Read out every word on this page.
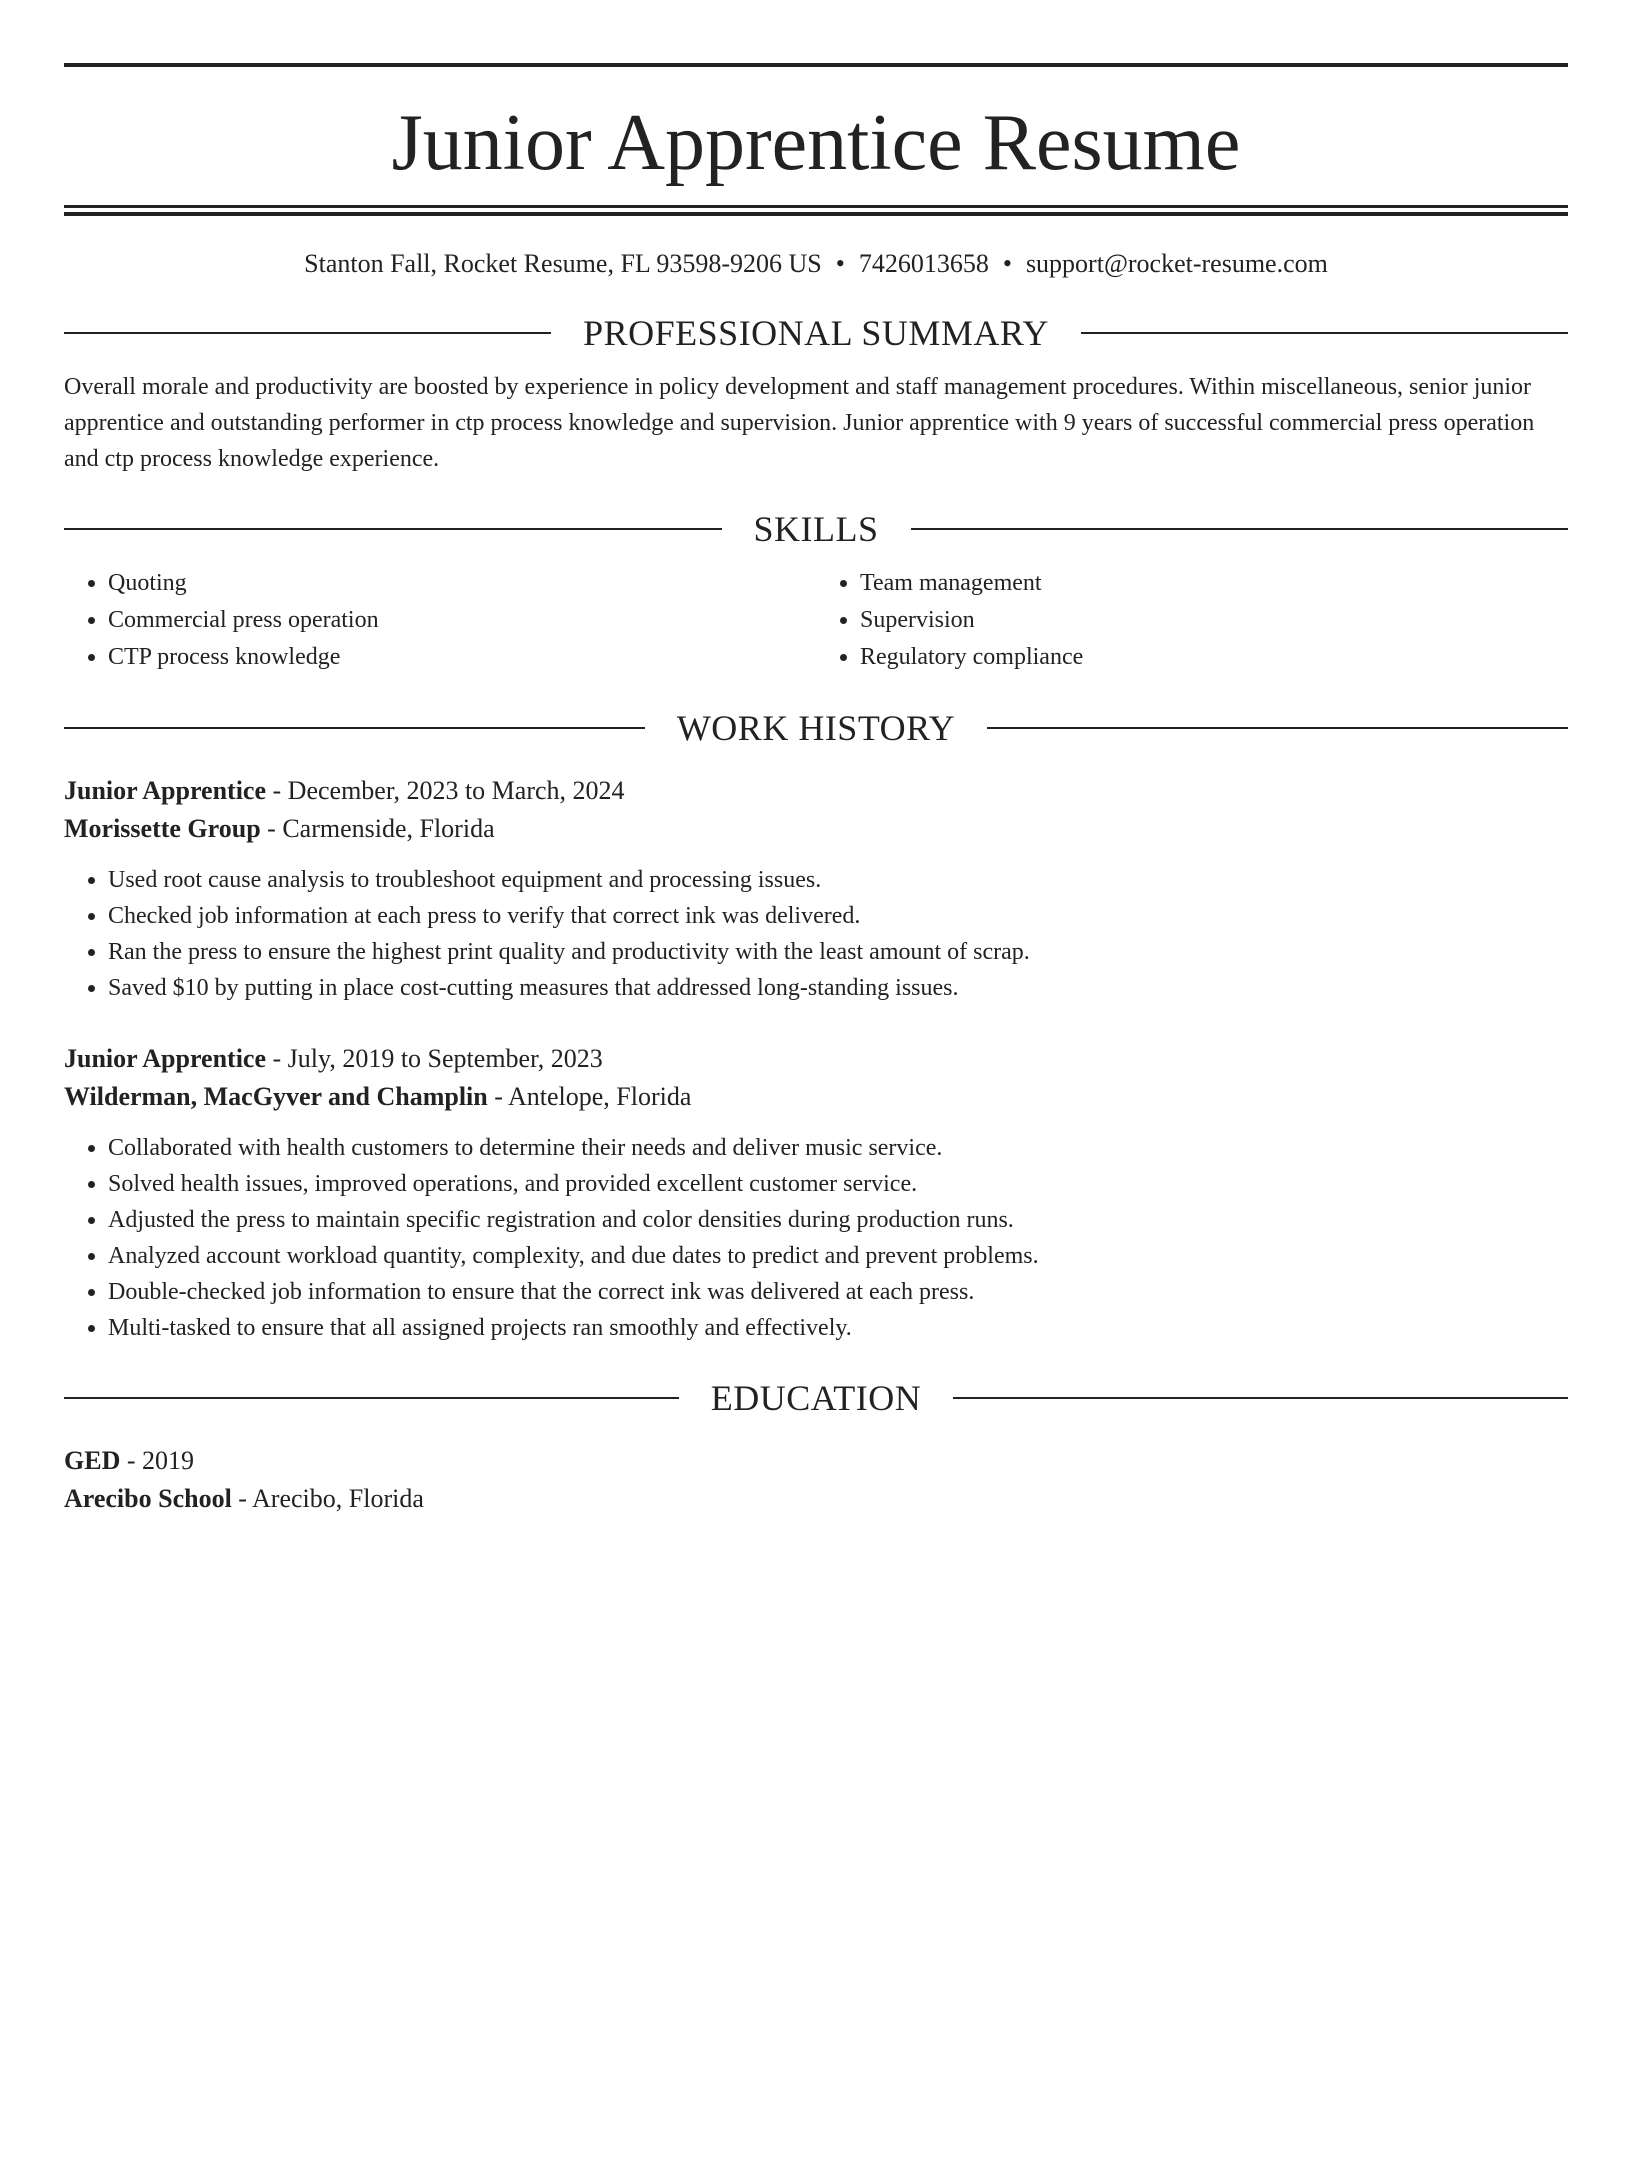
Junior Apprentice Resume
Stanton Fall, Rocket Resume, FL 93598-9206 US • 7426013658 • support@rocket-resume.com
PROFESSIONAL SUMMARY
Overall morale and productivity are boosted by experience in policy development and staff management procedures. Within miscellaneous, senior junior apprentice and outstanding performer in ctp process knowledge and supervision. Junior apprentice with 9 years of successful commercial press operation and ctp process knowledge experience.
SKILLS
• Quoting
• Commercial press operation
• CTP process knowledge
• Team management
• Supervision
• Regulatory compliance
WORK HISTORY
Junior Apprentice - December, 2023 to March, 2024
Morissette Group - Carmenside, Florida
• Used root cause analysis to troubleshoot equipment and processing issues.
• Checked job information at each press to verify that correct ink was delivered.
• Ran the press to ensure the highest print quality and productivity with the least amount of scrap.
• Saved $10 by putting in place cost-cutting measures that addressed long-standing issues.
Junior Apprentice - July, 2019 to September, 2023
Wilderman, MacGyver and Champlin - Antelope, Florida
• Collaborated with health customers to determine their needs and deliver music service.
• Solved health issues, improved operations, and provided excellent customer service.
• Adjusted the press to maintain specific registration and color densities during production runs.
• Analyzed account workload quantity, complexity, and due dates to predict and prevent problems.
• Double-checked job information to ensure that the correct ink was delivered at each press.
• Multi-tasked to ensure that all assigned projects ran smoothly and effectively.
EDUCATION
GED - 2019
Arecibo School - Arecibo, Florida
